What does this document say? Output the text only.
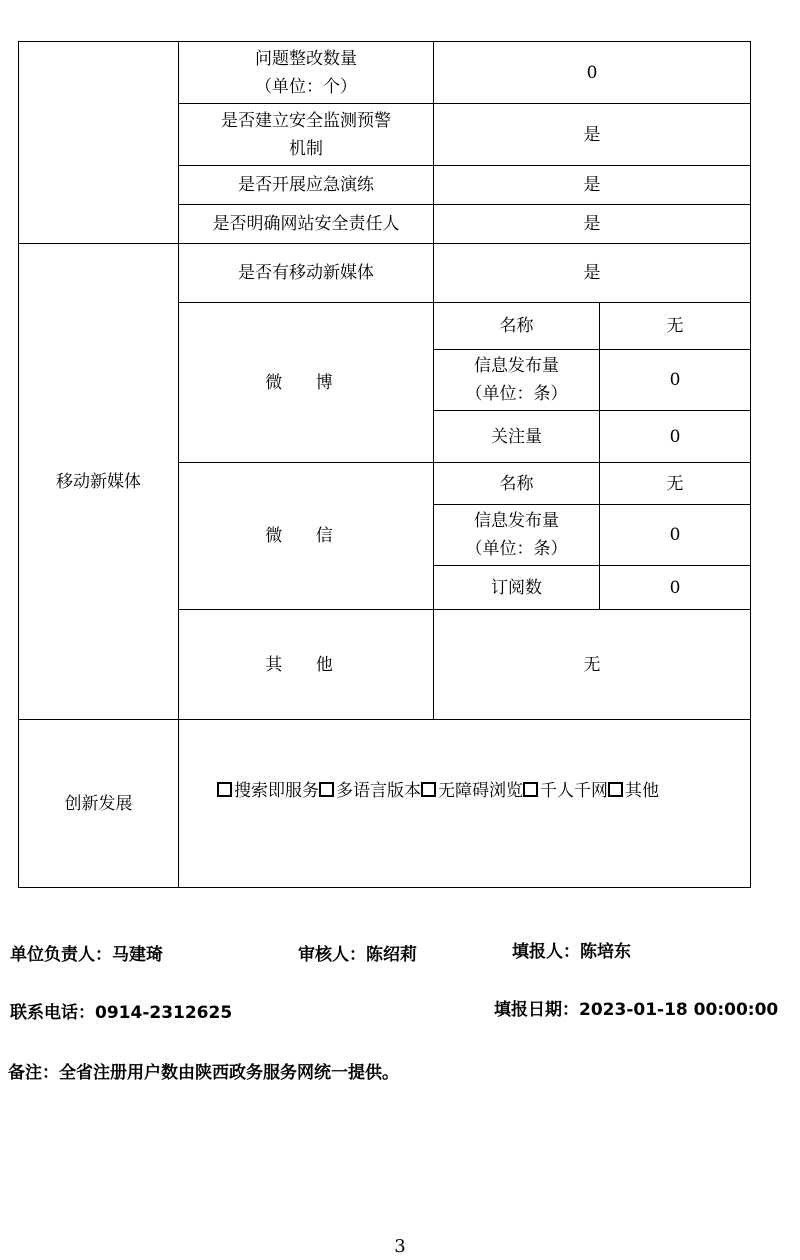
	问题整改数量
（单位：个）	0	

	是否建立安全监测预警
机制	是	
	是否开展应急演练	是	
	是否明确网站安全责任人	是	
移动新媒体	是否有移动新媒体	是	
	微 博	名称	无

		信息发布量
（单位：条）	0
		关注量	0
	微 信	名称	无

		信息发布量
（单位：条）	0
		订阅数	0
	其 他	无	
创新发展	搜索即服务 多语言版本 无障碍浏览 千人千网 其他		
单位负责人：马建琦	审核人：陈绍莉	填报人：陈培东
联系电话：0914-2312625	填报日期：2023-01-18 00:00:00
备注：全省注册用户数由陕西政务服务网统一提供。
3
